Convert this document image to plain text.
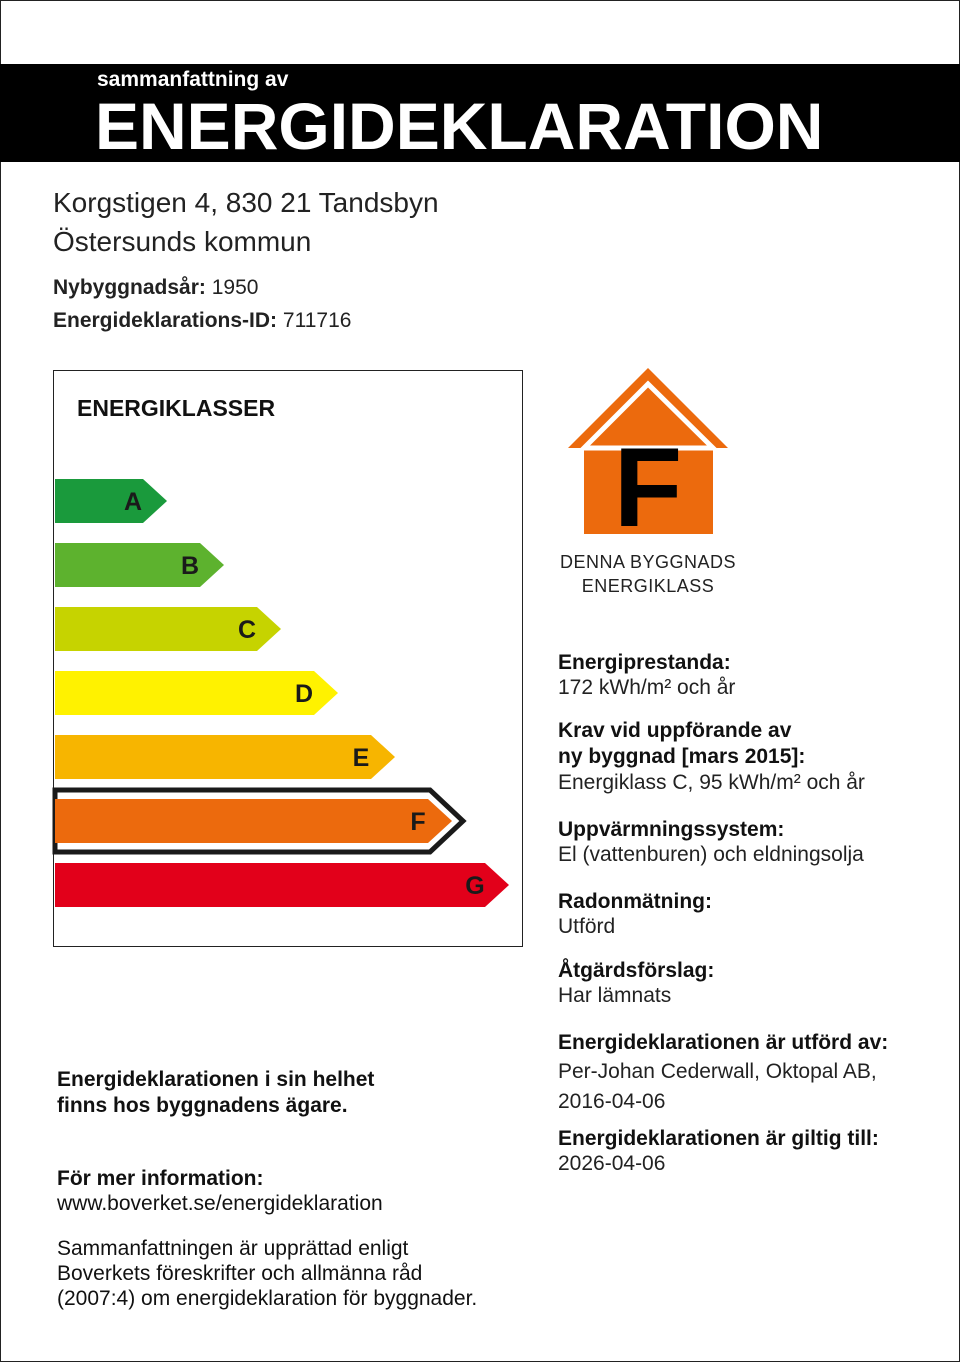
sammanfattning av
ENERGIDEKLARATION
Korgstigen 4, 830 21 Tandsbyn
Östersunds kommun
Nybyggnadsår: 1950
Energideklarations-ID: 711716
ENERGIKLASSER
A
B
C
D
E
F
G
F
DENNA BYGGNADS
ENERGIKLASS
Energiprestanda:
172 kWh/m² och år
Krav vid uppförande av
ny byggnad [mars 2015]:
Energiklass C, 95 kWh/m² och år
Uppvärmningssystem:
El (vattenburen) och eldningsolja
Radonmätning:
Utförd
Åtgärdsförslag:
Har lämnats
Energideklarationen är utförd av:
Per-Johan Cederwall, Oktopal AB,
2016-04-06
Energideklarationen är giltig till:
2026-04-06
Energideklarationen i sin helhet
finns hos byggnadens ägare.
För mer information:
www.boverket.se/energideklaration
Sammanfattningen är upprättad enligt
Boverkets föreskrifter och allmänna råd
(2007:4) om energideklaration för byggnader.
